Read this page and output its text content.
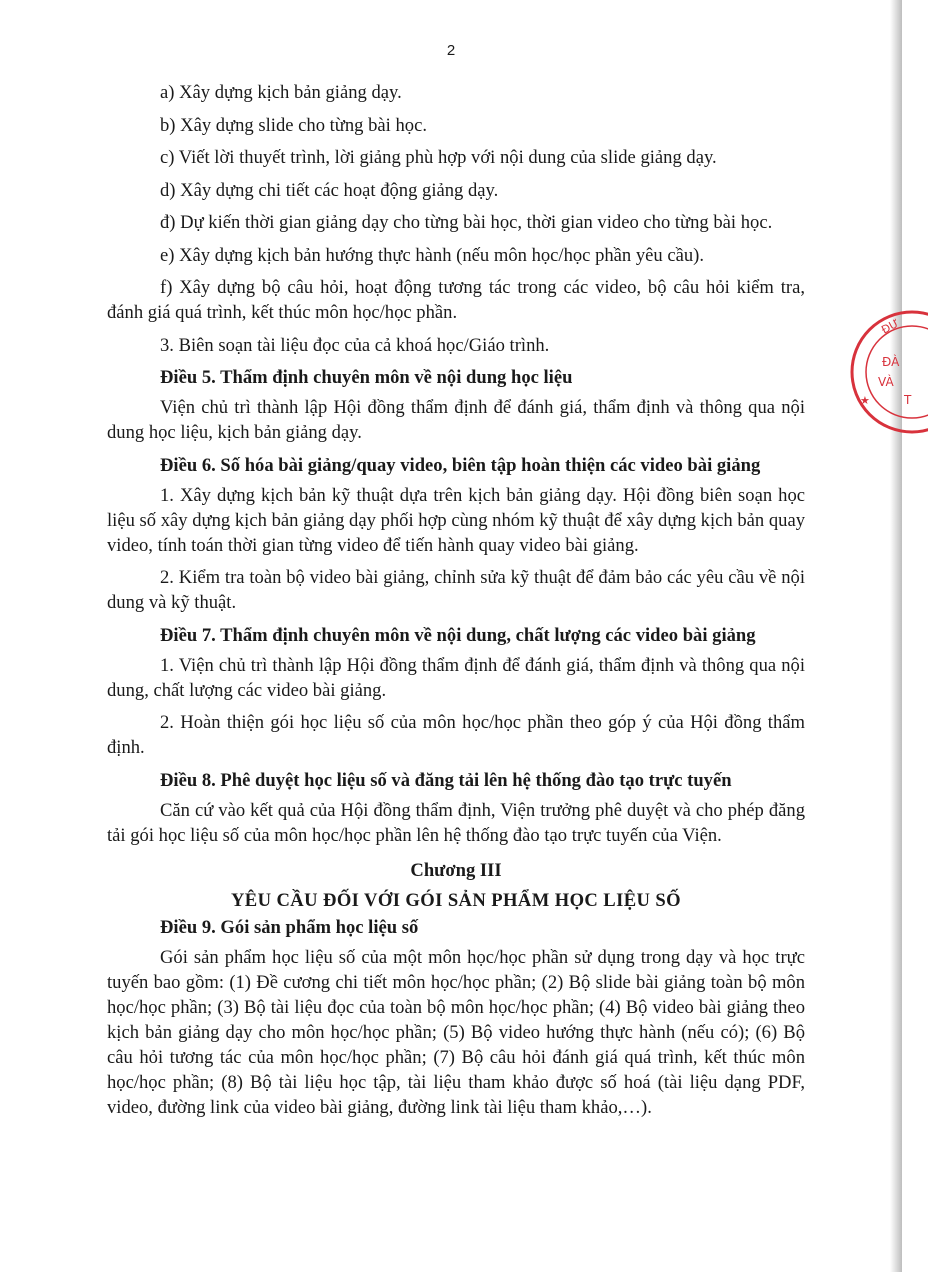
2

a) Xây dựng kịch bản giảng dạy.

b) Xây dựng slide cho từng bài học.

c) Viết lời thuyết trình, lời giảng phù hợp với nội dung của slide giảng dạy.

d) Xây dựng chi tiết các hoạt động giảng dạy.

đ) Dự kiến thời gian giảng dạy cho từng bài học, thời gian video cho từng bài học.

e) Xây dựng kịch bản hướng thực hành (nếu môn học/học phần yêu cầu).

f) Xây dựng bộ câu hỏi, hoạt động tương tác trong các video, bộ câu hỏi kiểm tra, đánh giá quá trình, kết thúc môn học/học phần.

3. Biên soạn tài liệu đọc của cả khoá học/Giáo trình.

Điều 5. Thẩm định chuyên môn về nội dung học liệu

Viện chủ trì thành lập Hội đồng thẩm định để đánh giá, thẩm định và thông qua nội dung học liệu, kịch bản giảng dạy.

Điều 6. Số hóa bài giảng/quay video, biên tập hoàn thiện các video bài giảng

1. Xây dựng kịch bản kỹ thuật dựa trên kịch bản giảng dạy. Hội đồng biên soạn học liệu số xây dựng kịch bản giảng dạy phối hợp cùng nhóm kỹ thuật để xây dựng kịch bản quay video, tính toán thời gian từng video để tiến hành quay video bài giảng.

2. Kiểm tra toàn bộ video bài giảng, chỉnh sửa kỹ thuật để đảm bảo các yêu cầu về nội dung và kỹ thuật.

Điều 7. Thẩm định chuyên môn về nội dung, chất lượng các video bài giảng

1. Viện chủ trì thành lập Hội đồng thẩm định để đánh giá, thẩm định và thông qua nội dung, chất lượng các video bài giảng.

2. Hoàn thiện gói học liệu số của môn học/học phần theo góp ý của Hội đồng thẩm định.

Điều 8. Phê duyệt học liệu số và đăng tải lên hệ thống đào tạo trực tuyến

Căn cứ vào kết quả của Hội đồng thẩm định, Viện trưởng phê duyệt và cho phép đăng tải gói học liệu số của môn học/học phần lên hệ thống đào tạo trực tuyến của Viện.

Chương III

YÊU CẦU ĐỐI VỚI GÓI SẢN PHẨM HỌC LIỆU SỐ

Điều 9. Gói sản phẩm học liệu số

Gói sản phẩm học liệu số của một môn học/học phần sử dụng trong dạy và học trực tuyến bao gồm: (1) Đề cương chi tiết môn học/học phần; (2) Bộ slide bài giảng toàn bộ môn học/học phần; (3) Bộ tài liệu đọc của toàn bộ môn học/học phần; (4) Bộ video bài giảng theo kịch bản giảng dạy cho môn học/học phần; (5) Bộ video hướng thực hành (nếu có); (6) Bộ câu hỏi tương tác của môn học/học phần; (7) Bộ câu hỏi đánh giá quá trình, kết thúc môn học/học phần; (8) Bộ tài liệu học tập, tài liệu tham khảo được số hoá (tài liệu dạng PDF, video, đường link của video bài giảng, đường link tài liệu tham khảo,…).

ĐƯ
ĐÀ
VÀ
T
★
